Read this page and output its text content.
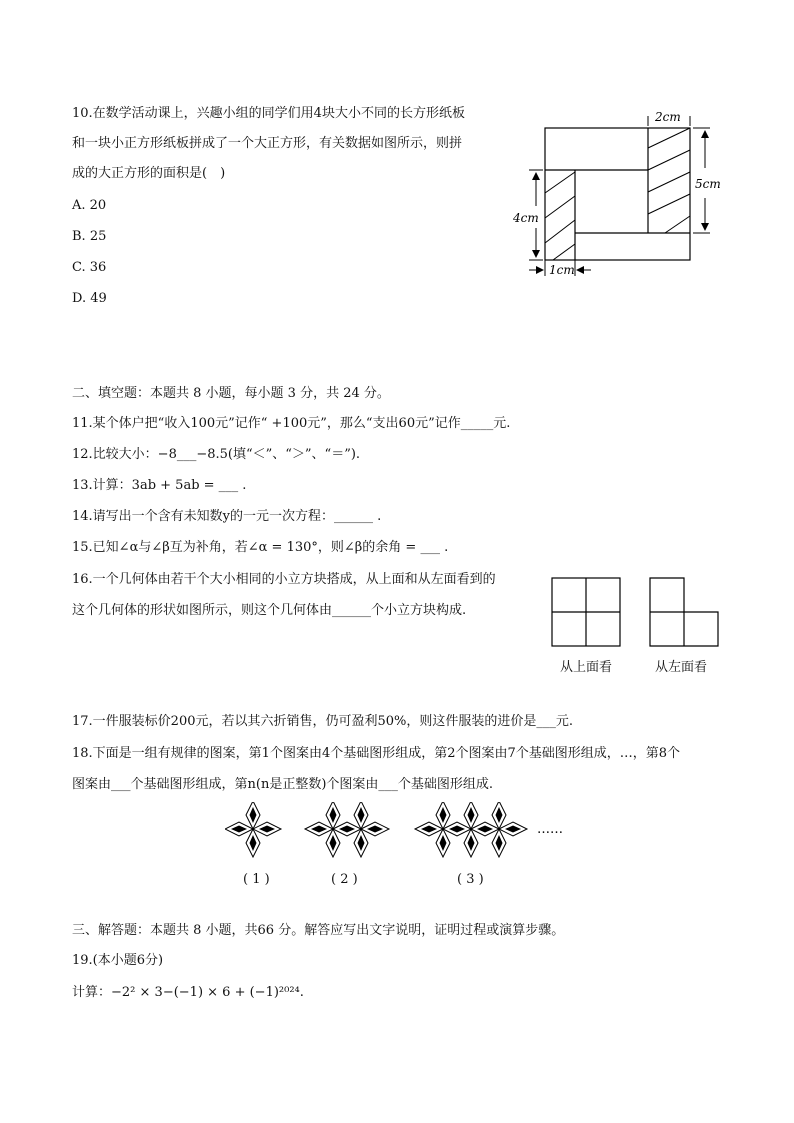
10.在数学活动课上，兴趣小组的同学们用4块大小不同的长方形纸板
和一块小正方形纸板拼成了一个大正方形，有关数据如图所示，则拼
成的大正方形的面积是(　)
A. 20
B. 25
C. 36
D. 49
2cm
5cm
4cm
1cm
二、填空题：本题共 8 小题，每小题 3 分，共 24 分。
11.某个体户把“收入100元”记作“ +100元”，那么“支出60元”记作_____元.
12.比较大小：−8___−8.5(填“＜”、“＞”、“＝”).
13.计算：3ab + 5ab = ___ .
14.请写出一个含有未知数y的一元一次方程：______ .
15.已知∠α与∠β互为补角，若∠α = 130°，则∠β的余角 = ___ .
16.一个几何体由若干个大小相同的小立方块搭成，从上面和从左面看到的
这个几何体的形状如图所示，则这个几何体由______个小立方块构成.
从上面看	从左面看
17.一件服装标价200元，若以其六折销售，仍可盈利50%，则这件服装的进价是___元.
18.下面是一组有规律的图案，第1个图案由4个基础图形组成，第2个图案由7个基础图形组成，…，第8个
图案由___个基础图形组成，第n(n是正整数)个图案由___个基础图形组成.
……
( 1 )	( 2 )	( 3 )
三、解答题：本题共 8 小题，共66 分。解答应写出文字说明，证明过程或演算步骤。
19.(本小题6分)
计算：−2² × 3−(−1) × 6 + (−1)²⁰²⁴.
